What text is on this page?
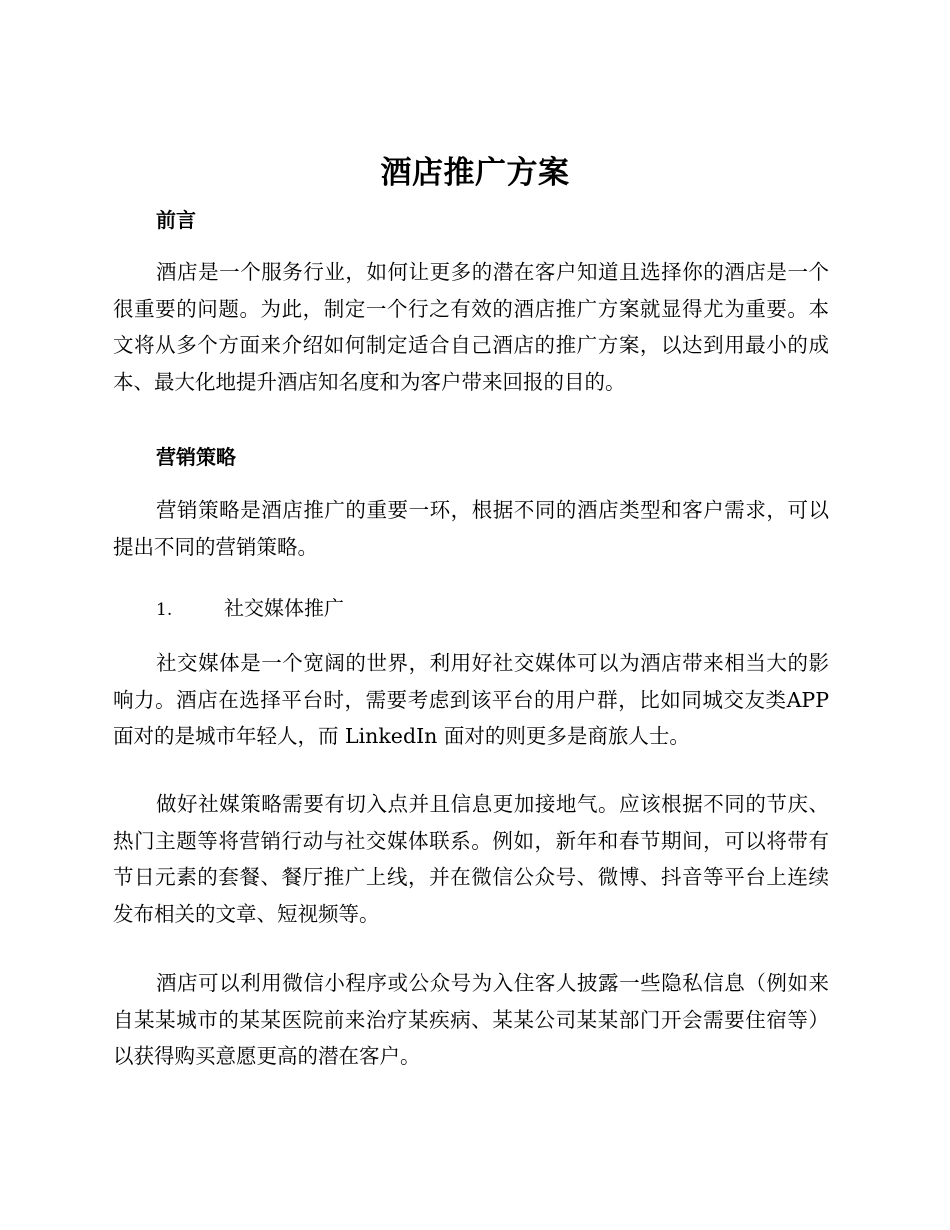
酒店推广方案
前言
酒店是一个服务行业，如何让更多的潜在客户知道且选择你的酒店是一个很重要的问题。为此，制定一个行之有效的酒店推广方案就显得尤为重要。本文将从多个方面来介绍如何制定适合自己酒店的推广方案，以达到用最小的成本、最大化地提升酒店知名度和为客户带来回报的目的。
营销策略
营销策略是酒店推广的重要一环，根据不同的酒店类型和客户需求，可以提出不同的营销策略。
1.	社交媒体推广
社交媒体是一个宽阔的世界，利用好社交媒体可以为酒店带来相当大的影响力。酒店在选择平台时，需要考虑到该平台的用户群，比如同城交友类APP 面对的是城市年轻人，而 LinkedIn 面对的则更多是商旅人士。
做好社媒策略需要有切入点并且信息更加接地气。应该根据不同的节庆、热门主题等将营销行动与社交媒体联系。例如，新年和春节期间，可以将带有节日元素的套餐、餐厅推广上线，并在微信公众号、微博、抖音等平台上连续发布相关的文章、短视频等。
酒店可以利用微信小程序或公众号为入住客人披露一些隐私信息（例如来自某某城市的某某医院前来治疗某疾病、某某公司某某部门开会需要住宿等）以获得购买意愿更高的潜在客户。
